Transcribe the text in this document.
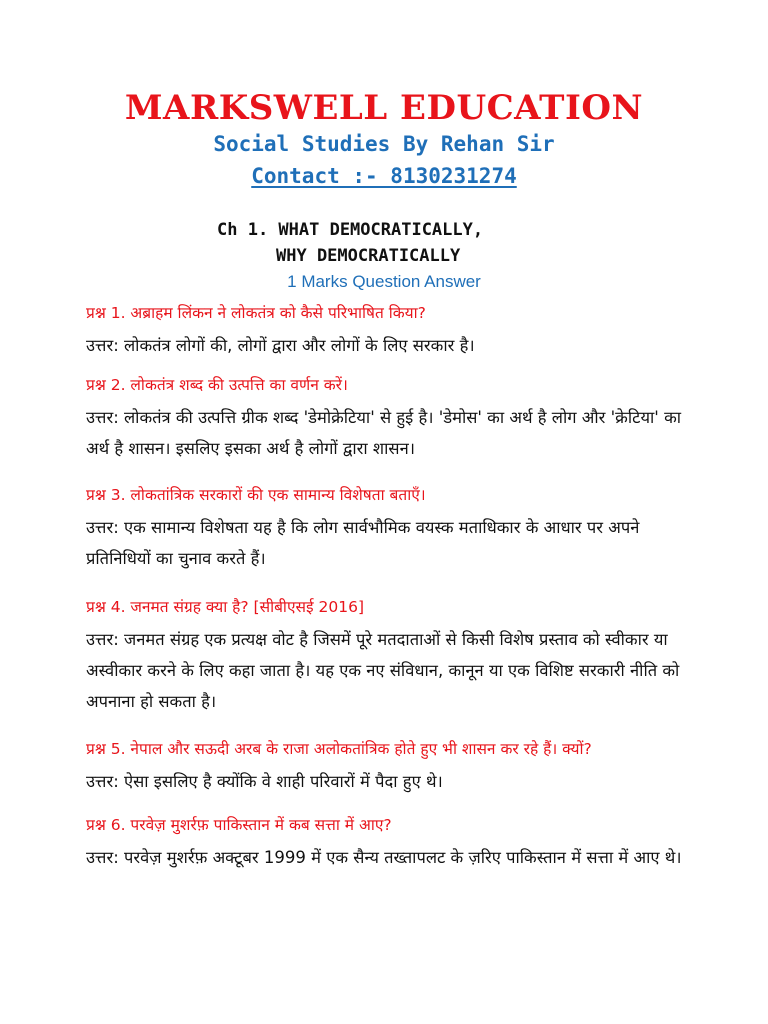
MARKSWELL EDUCATION
Social Studies By Rehan Sir
Contact :- 8130231274
Ch 1. WHAT DEMOCRATICALLY,
WHY DEMOCRATICALLY
1 Marks Question Answer
प्रश्न 1. अब्राहम लिंकन ने लोकतंत्र को कैसे परिभाषित किया?
उत्तर: लोकतंत्र लोगों की, लोगों द्वारा और लोगों के लिए सरकार है।
प्रश्न 2. लोकतंत्र शब्द की उत्पत्ति का वर्णन करें।
उत्तर: लोकतंत्र की उत्पत्ति ग्रीक शब्द 'डेमोक्रेटिया' से हुई है। 'डेमोस' का अर्थ है लोग और 'क्रेटिया' का अर्थ है शासन। इसलिए इसका अर्थ है लोगों द्वारा शासन।
प्रश्न 3. लोकतांत्रिक सरकारों की एक सामान्य विशेषता बताएँ।
उत्तर: एक सामान्य विशेषता यह है कि लोग सार्वभौमिक वयस्क मताधिकार के आधार पर अपने प्रतिनिधियों का चुनाव करते हैं।
प्रश्न 4. जनमत संग्रह क्या है? [सीबीएसई 2016]
उत्तर: जनमत संग्रह एक प्रत्यक्ष वोट है जिसमें पूरे मतदाताओं से किसी विशेष प्रस्ताव को स्वीकार या अस्वीकार करने के लिए कहा जाता है। यह एक नए संविधान, कानून या एक विशिष्ट सरकारी नीति को अपनाना हो सकता है।
प्रश्न 5. नेपाल और सऊदी अरब के राजा अलोकतांत्रिक होते हुए भी शासन कर रहे हैं। क्यों?
उत्तर: ऐसा इसलिए है क्योंकि वे शाही परिवारों में पैदा हुए थे।
प्रश्न 6. परवेज़ मुशर्रफ़ पाकिस्तान में कब सत्ता में आए?
उत्तर: परवेज़ मुशर्रफ़ अक्टूबर 1999 में एक सैन्य तख्तापलट के ज़रिए पाकिस्तान में सत्ता में आए थे।
